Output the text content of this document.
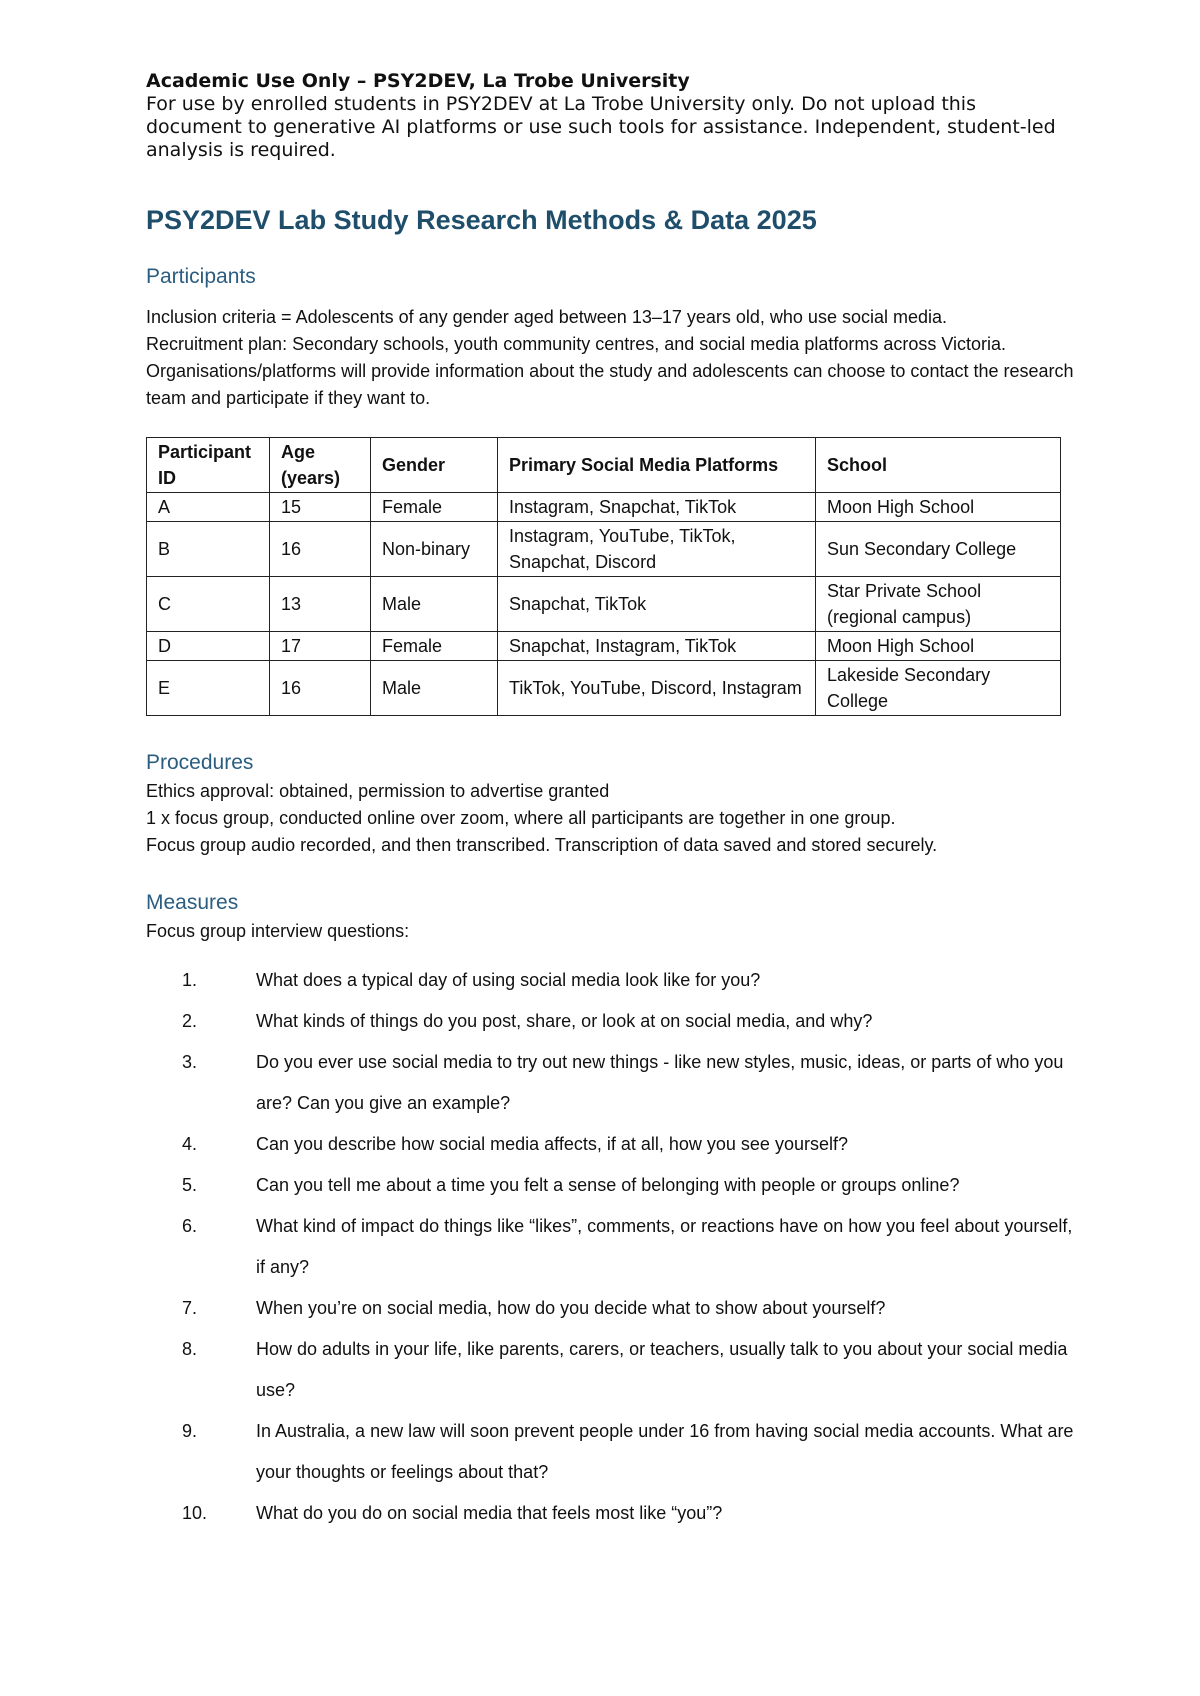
Academic Use Only – PSY2DEV, La Trobe University
For use by enrolled students in PSY2DEV at La Trobe University only. Do not upload this document to generative AI platforms or use such tools for assistance. Independent, student-led analysis is required.
PSY2DEV Lab Study Research Methods & Data 2025
Participants

Inclusion criteria = Adolescents of any gender aged between 13–17 years old, who use social media.
Recruitment plan: Secondary schools, youth community centres, and social media platforms across Victoria. Organisations/platforms will provide information about the study and adolescents can choose to contact the research team and participate if they want to.

Participant ID	Age (years)	Gender	Primary Social Media Platforms	School
A	15	Female	Instagram, Snapchat, TikTok	Moon High School
B	16	Non-binary	Instagram, YouTube, TikTok, Snapchat, Discord	Sun Secondary College
C	13	Male	Snapchat, TikTok	Star Private School (regional campus)
D	17	Female	Snapchat, Instagram, TikTok	Moon High School
E	16	Male	TikTok, YouTube, Discord, Instagram	Lakeside Secondary College
Procedures

Ethics approval: obtained, permission to advertise granted
1 x focus group, conducted online over zoom, where all participants are together in one group.
Focus group audio recorded, and then transcribed. Transcription of data saved and stored securely.

Measures

Focus group interview questions:

1.	What does a typical day of using social media look like for you?
2.	What kinds of things do you post, share, or look at on social media, and why?
3.	Do you ever use social media to try out new things - like new styles, music, ideas, or parts of who you are? Can you give an example?
4.	Can you describe how social media affects, if at all, how you see yourself?
5.	Can you tell me about a time you felt a sense of belonging with people or groups online?
6.	What kind of impact do things like “likes”, comments, or reactions have on how you feel about yourself, if any?
7.	When you’re on social media, how do you decide what to show about yourself?
8.	How do adults in your life, like parents, carers, or teachers, usually talk to you about your social media use?
9.	In Australia, a new law will soon prevent people under 16 from having social media accounts. What are your thoughts or feelings about that?
10.	What do you do on social media that feels most like “you”?
